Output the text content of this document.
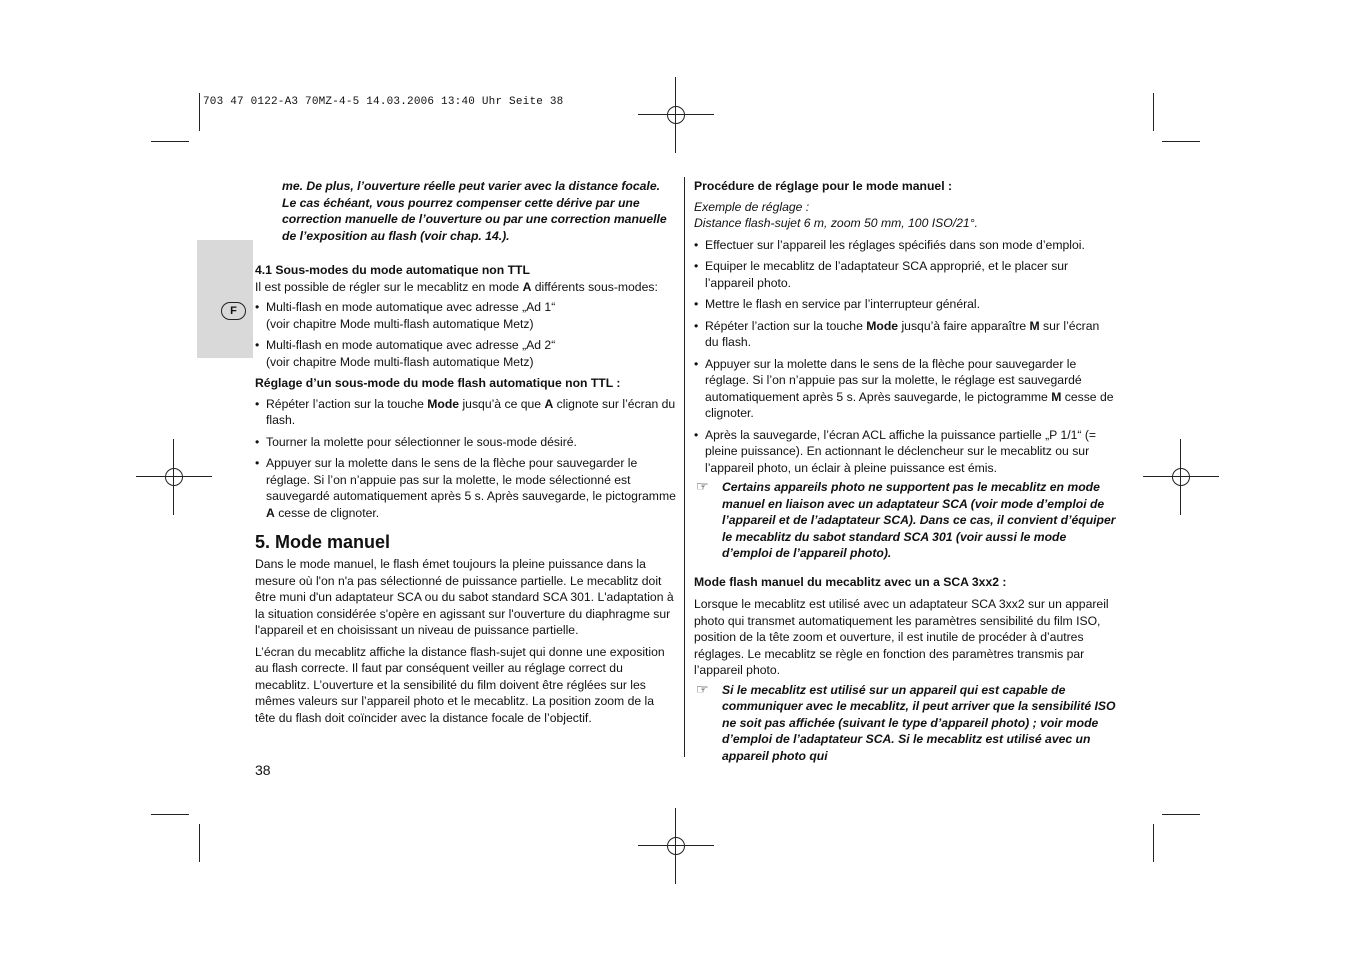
703 47 0122-A3 70MZ-4-5 14.03.2006 13:40 Uhr Seite 38
F

me. De plus, l’ouverture réelle peut varier avec la distance focale. Le cas échéant, vous pourrez compenser cette dérive par une correction manuelle de l’ouverture ou par une correction manuelle de l’exposition au flash (voir chap. 14.).

4.1 Sous-modes du mode automatique non TTL

Il est possible de régler sur le mecablitz en mode A différents sous-modes:

• Multi-flash en mode automatique avec adresse „Ad 1“
(voir chapitre Mode multi-flash automatique Metz)
• Multi-flash en mode automatique avec adresse „Ad 2“
(voir chapitre Mode multi-flash automatique Metz)

Réglage d’un sous-mode du mode flash automatique non TTL :

• Répéter l’action sur la touche Mode jusqu’à ce que A clignote sur l’écran du flash.
• Tourner la molette pour sélectionner le sous-mode désiré.
• Appuyer sur la molette dans le sens de la flèche pour sauvegarder le réglage. Si l’on n’appuie pas sur la molette, le mode sélectionné est sauvegardé automatiquement après 5 s. Après sauvegarde, le pictogramme A cesse de clignoter.

5. Mode manuel

Dans le mode manuel, le flash émet toujours la pleine puissance dans la mesure où l'on n'a pas sélectionné de puissance partielle. Le mecablitz doit être muni d'un adaptateur SCA ou du sabot standard SCA 301. L'adaptation à la situation considérée s'opère en agissant sur l'ouverture du diaphragme sur l'appareil et en choisissant un niveau de puissance partielle.

L’écran du mecablitz affiche la distance flash-sujet qui donne une exposition au flash correcte. Il faut par conséquent veiller au réglage correct du mecablitz. L’ouverture et la sensibilité du film doivent être réglées sur les mêmes valeurs sur l’appareil photo et le mecablitz. La position zoom de la tête du flash doit coïncider avec la distance focale de l’objectif.

Procédure de réglage pour le mode manuel :

Exemple de réglage :

Distance flash-sujet 6 m, zoom 50 mm, 100 ISO/21°.

• Effectuer sur l’appareil les réglages spécifiés dans son mode d’emploi.
• Equiper le mecablitz de l’adaptateur SCA approprié, et le placer sur l’appareil photo.
• Mettre le flash en service par l’interrupteur général.
• Répéter l’action sur la touche Mode jusqu’à faire apparaître M sur l’écran du flash.
• Appuyer sur la molette dans le sens de la flèche pour sauvegarder le réglage. Si l’on n’appuie pas sur la molette, le réglage est sauvegardé automatiquement après 5 s. Après sauvegarde, le pictogramme M cesse de clignoter.
• Après la sauvegarde, l’écran ACL affiche la puissance partielle „P 1/1“ (= pleine puissance). En actionnant le déclencheur sur le mecablitz ou sur l’appareil photo, un éclair à pleine puissance est émis.
☞ Certains appareils photo ne supportent pas le mecablitz en mode manuel en liaison avec un adaptateur SCA (voir mode d’emploi de l’appareil et de l’adaptateur SCA). Dans ce cas, il convient d’équiper le mecablitz du sabot standard SCA 301 (voir aussi le mode d’emploi de l’appareil photo).

Mode flash manuel du mecablitz avec un a SCA 3xx2 :

Lorsque le mecablitz est utilisé avec un adaptateur SCA 3xx2 sur un appareil photo qui transmet automatiquement les paramètres sensibilité du film ISO, position de la tête zoom et ouverture, il est inutile de procéder à d’autres réglages. Le mecablitz se règle en fonction des paramètres transmis par l’appareil photo.

☞ Si le mecablitz est utilisé sur un appareil qui est capable de communiquer avec le mecablitz, il peut arriver que la sensibilité ISO ne soit pas affichée (suivant le type d’appareil photo) ; voir mode d’emploi de l’adaptateur SCA. Si le mecablitz est utilisé avec un appareil photo qui
38
